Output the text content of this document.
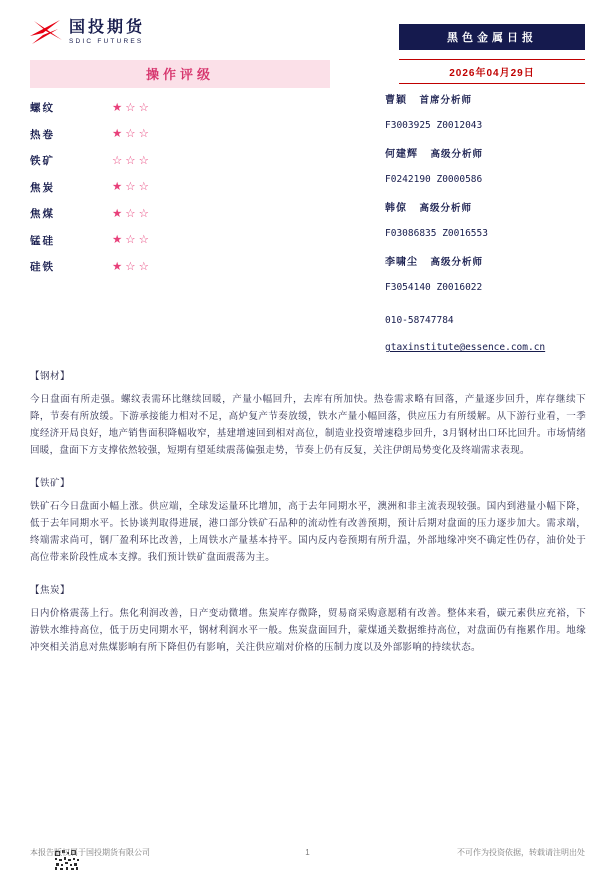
国投期货
SDIC FUTURES	黑色金属日报
2026年04月29日
操作评级
螺纹	★☆☆
热卷	★☆☆
铁矿	☆☆☆
焦炭	★☆☆
焦煤	★☆☆
锰硅	★☆☆
硅铁	★☆☆
曹颖 首席分析师
F3003925 Z0012043
何建辉 高级分析师
F0242190 Z0000586
韩倞 高级分析师
F03086835 Z0016553
李啸尘 高级分析师
F3054140 Z0016022
010-58747784
gtaxinstitute@essence.com.cn
【钢材】
今日盘面有所走强。螺纹表需环比继续回暖，产量小幅回升，去库有所加快。热卷需求略有回落，产量逐步回升，库存继续下降，节奏有所放缓。下游承接能力相对不足，高炉复产节奏放缓，铁水产量小幅回落，供应压力有所缓解。从下游行业看，一季度经济开局良好，地产销售面积降幅收窄，基建增速回到相对高位，制造业投资增速稳步回升，3月钢材出口环比回升。市场情绪回暖，盘面下方支撑依然较强，短期有望延续震荡偏强走势，节奏上仍有反复，关注伊朗局势变化及终端需求表现。
【铁矿】
铁矿石今日盘面小幅上涨。供应端，全球发运量环比增加，高于去年同期水平，澳洲和非主流表现较强。国内到港量小幅下降，低于去年同期水平。长协谈判取得进展，港口部分铁矿石品种的流动性有改善预期，预计后期对盘面的压力逐步加大。需求端，终端需求尚可，钢厂盈利环比改善，上周铁水产量基本持平。国内反内卷预期有所升温，外部地缘冲突不确定性仍存，油价处于高位带来阶段性成本支撑。我们预计铁矿盘面震荡为主。
【焦炭】
日内价格震荡上行。焦化利润改善，日产变动微增。焦炭库存微降，贸易商采购意愿稍有改善。整体来看，碳元素供应充裕，下游铁水维持高位，低于历史同期水平，钢材利润水平一般。焦炭盘面回升，蒙煤通关数据维持高位，对盘面仍有拖累作用。地缘冲突相关消息对焦煤影响有所下降但仍有影响，关注供应端对价格的压制力度以及外部影响的持续状态。
本报告版权属于国投期货有限公司	1	不可作为投资依据，转载请注明出处
